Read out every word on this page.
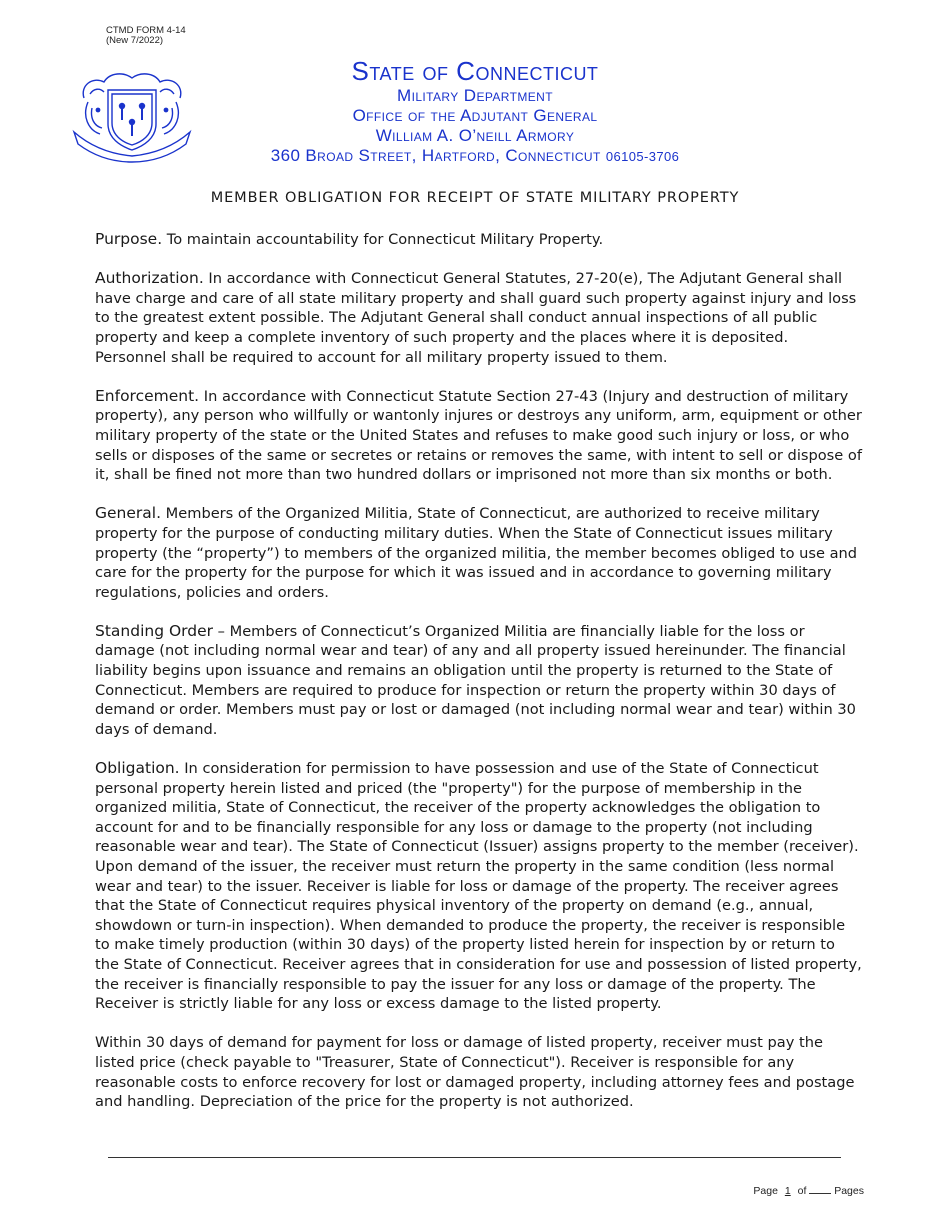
CTMD FORM 4-14
(New 7/2022)
State of Connecticut
Military Department
Office of the Adjutant General
William A. O’neill Armory
360 Broad Street, Hartford, Connecticut 06105-3706
MEMBER OBLIGATION FOR RECEIPT OF STATE MILITARY PROPERTY

Purpose. To maintain accountability for Connecticut Military Property.

Authorization. In accordance with Connecticut General Statutes, 27-20(e), The Adjutant General shall have charge and care of all state military property and shall guard such property against injury and loss to the greatest extent possible. The Adjutant General shall conduct annual inspections of all public property and keep a complete inventory of such property and the places where it is deposited. Personnel shall be required to account for all military property issued to them.

Enforcement. In accordance with Connecticut Statute Section 27-43 (Injury and destruction of military property), any person who willfully or wantonly injures or destroys any uniform, arm, equipment or other military property of the state or the United States and refuses to make good such injury or loss, or who sells or disposes of the same or secretes or retains or removes the same, with intent to sell or dispose of it, shall be fined not more than two hundred dollars or imprisoned not more than six months or both.

General. Members of the Organized Militia, State of Connecticut, are authorized to receive military property for the purpose of conducting military duties. When the State of Connecticut issues military property (the “property”) to members of the organized militia, the member becomes obliged to use and care for the property for the purpose for which it was issued and in accordance to governing military regulations, policies and orders.

Standing Order – Members of Connecticut’s Organized Militia are financially liable for the loss or damage (not including normal wear and tear) of any and all property issued hereinunder. The financial liability begins upon issuance and remains an obligation until the property is returned to the State of Connecticut. Members are required to produce for inspection or return the property within 30 days of demand or order. Members must pay or lost or damaged (not including normal wear and tear) within 30 days of demand.

Obligation. In consideration for permission to have possession and use of the State of Connecticut personal property herein listed and priced (the "property") for the purpose of membership in the organized militia, State of Connecticut, the receiver of the property acknowledges the obligation to account for and to be financially responsible for any loss or damage to the property (not including reasonable wear and tear). The State of Connecticut (Issuer) assigns property to the member (receiver). Upon demand of the issuer, the receiver must return the property in the same condition (less normal wear and tear) to the issuer. Receiver is liable for loss or damage of the property. The receiver agrees that the State of Connecticut requires physical inventory of the property on demand (e.g., annual, showdown or turn-in inspection). When demanded to produce the property, the receiver is responsible to make timely production (within 30 days) of the property listed herein for inspection by or return to the State of Connecticut. Receiver agrees that in consideration for use and possession of listed property, the receiver is financially responsible to pay the issuer for any loss or damage of the property. The Receiver is strictly liable for any loss or excess damage to the listed property.

Within 30 days of demand for payment for loss or damage of listed property, receiver must pay the listed price (check payable to "Treasurer, State of Connecticut"). Receiver is responsible for any reasonable costs to enforce recovery for lost or damaged property, including attorney fees and postage and handling. Depreciation of the price for the property is not authorized.

Page 1 of	Pages
